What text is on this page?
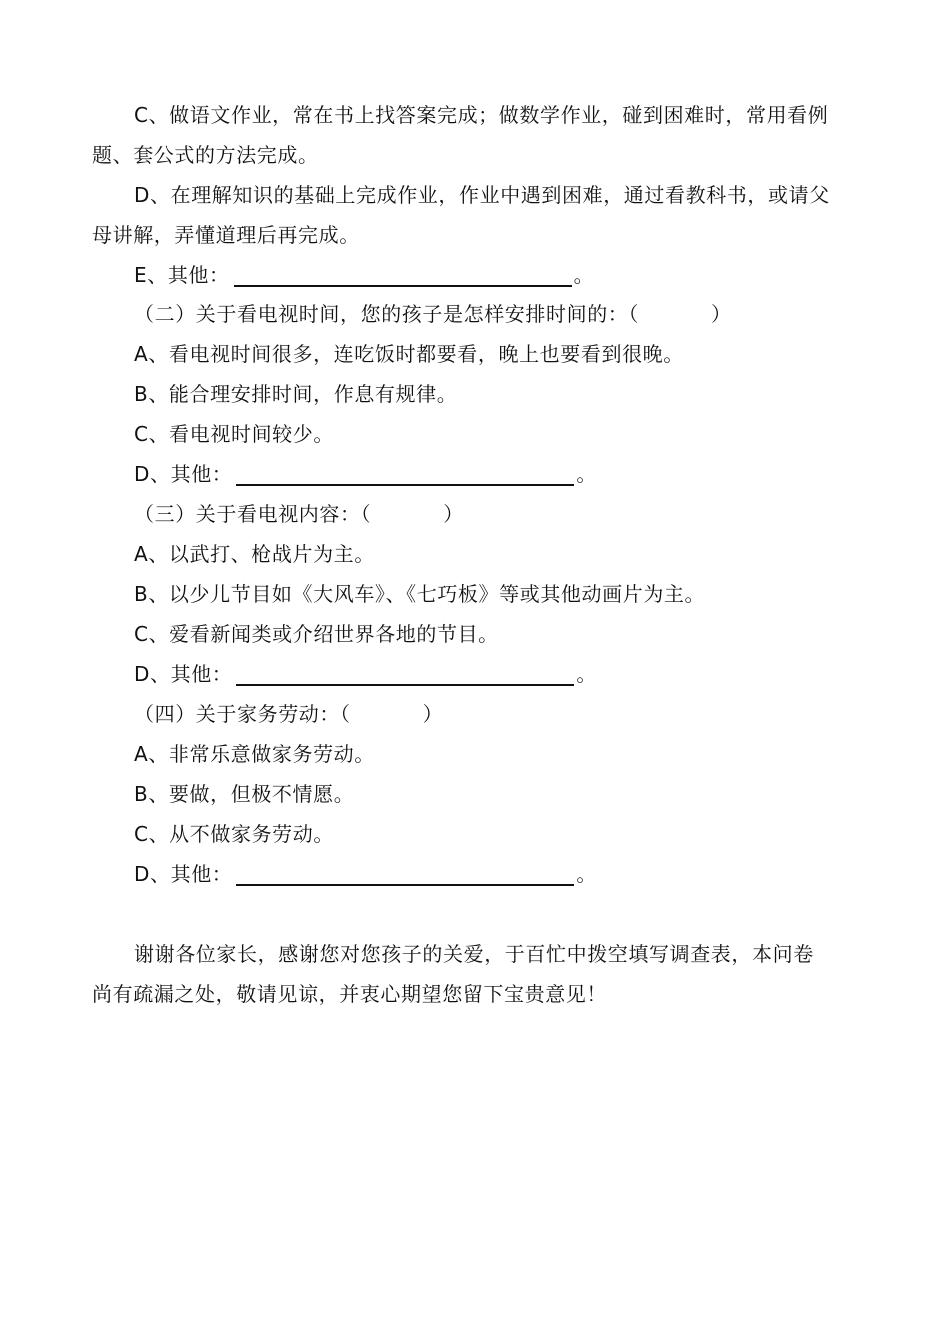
C、做语文作业，常在书上找答案完成；做数学作业，碰到困难时，常用看例
题、套公式的方法完成。
D、在理解知识的基础上完成作业，作业中遇到困难，通过看教科书，或请父
母讲解，弄懂道理后再完成。
E、其他：	。
（二）关于看电视时间，您的孩子是怎样安排时间的：（	）
A、看电视时间很多，连吃饭时都要看，晚上也要看到很晚。
B、能合理安排时间，作息有规律。
C、看电视时间较少。
D、其他：	。
（三）关于看电视内容：（	）
A、以武打、枪战片为主。
B、以少儿节目如《大风车》、《七巧板》等或其他动画片为主。
C、爱看新闻类或介绍世界各地的节目。
D、其他：	。
（四）关于家务劳动：（	）
A、非常乐意做家务劳动。
B、要做，但极不情愿。
C、从不做家务劳动。
D、其他：	。
谢谢各位家长，感谢您对您孩子的关爱，于百忙中拨空填写调查表，本问卷
尚有疏漏之处，敬请见谅，并衷心期望您留下宝贵意见！
